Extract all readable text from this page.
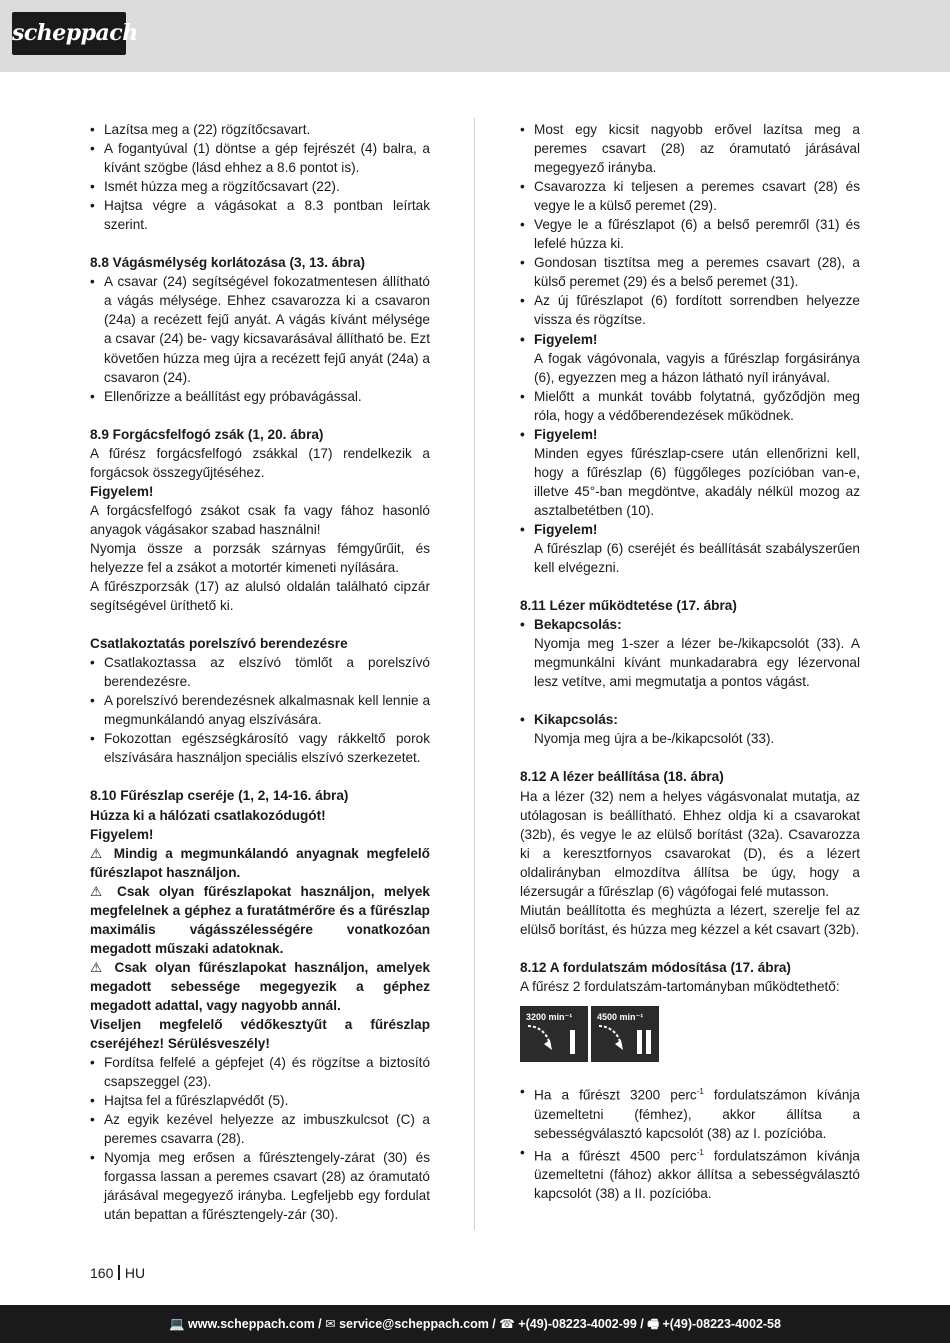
scheppach

• Lazítsa meg a (22) rögzítőcsavart.

• A fogantyúval (1) döntse a gép fejrészét (4) balra, a kívánt szögbe (lásd ehhez a 8.6 pontot is).

• Ismét húzza meg a rögzítőcsavart (22).

• Hajtsa végre a vágásokat a 8.3 pontban leírtak szerint.

8.8 Vágásmélység korlátozása (3, 13. ábra)

• A csavar (24) segítségével fokozatmentesen állítható a vágás mélysége. Ehhez csavarozza ki a csavaron (24a) a recézett fejű anyát. A vágás kívánt mélysége a csavar (24) be- vagy kicsavarásával állítható be. Ezt követően húzza meg újra a recézett fejű anyát (24a) a csavaron (24).

• Ellenőrizze a beállítást egy próbavágással.

8.9 Forgácsfelfogó zsák (1, 20. ábra)

A fűrész forgácsfelfogó zsákkal (17) rendelkezik a forgácsok összegyűjtéséhez.

Figyelem!

A forgácsfelfogó zsákot csak fa vagy fához hasonló anyagok vágásakor szabad használni!

Nyomja össze a porzsák szárnyas fémgyűrűit, és helyezze fel a zsákot a motortér kimeneti nyílására.

A fűrészporzsák (17) az alulsó oldalán található cipzár segítségével üríthető ki.

Csatlakoztatás porelszívó berendezésre

• Csatlakoztassa az elszívó tömlőt a porelszívó berendezésre.

• A porelszívó berendezésnek alkalmasnak kell lennie a megmunkálandó anyag elszívására.

• Fokozottan egészségkárosító vagy rákkeltő porok elszívására használjon speciális elszívó szerkezetet.

8.10 Fűrészlap cseréje (1, 2, 14-16. ábra)

Húzza ki a hálózati csatlakozódugót!

Figyelem!

⚠ Mindig a megmunkálandó anyagnak megfelelő fűrészlapot használjon.

⚠ Csak olyan fűrészlapokat használjon, melyek megfelelnek a géphez a furatátmérőre és a fűrészlap maximális vágásszélességére vonatkozóan megadott műszaki adatoknak.

⚠ Csak olyan fűrészlapokat használjon, amelyek megadott sebessége megegyezik a géphez megadott adattal, vagy nagyobb annál.

Viseljen megfelelő védőkesztyűt a fűrészlap cseréjéhez! Sérülésveszély!

• Fordítsa felfelé a gépfejet (4) és rögzítse a biztosító csapszeggel (23).

• Hajtsa fel a fűrészlapvédőt (5).

• Az egyik kezével helyezze az imbuszkulcsot (C) a peremes csavarra (28).

• Nyomja meg erősen a fűrésztengely-zárat (30) és forgassa lassan a peremes csavart (28) az óramutató járásával megegyező irányba. Legfeljebb egy fordulat után bepattan a fűrésztengely-zár (30).

• Most egy kicsit nagyobb erővel lazítsa meg a peremes csavart (28) az óramutató járásával megegyező irányba.

• Csavarozza ki teljesen a peremes csavart (28) és vegye le a külső peremet (29).

• Vegye le a fűrészlapot (6) a belső peremről (31) és lefelé húzza ki.

• Gondosan tisztítsa meg a peremes csavart (28), a külső peremet (29) és a belső peremet (31).

• Az új fűrészlapot (6) fordított sorrendben helyezze vissza és rögzítse.

• Figyelem!

A fogak vágóvonala, vagyis a fűrészlap forgásiránya (6), egyezzen meg a házon látható nyíl irányával.

• Mielőtt a munkát tovább folytatná, győződjön meg róla, hogy a védőberendezések működnek.

• Figyelem!

Minden egyes fűrészlap-csere után ellenőrizni kell, hogy a fűrészlap (6) függőleges pozícióban van-e, illetve 45°-ban megdöntve, akadály nélkül mozog az asztalbetétben (10).

• Figyelem!

A fűrészlap (6) cseréjét és beállítását szabályszerűen kell elvégezni.

8.11 Lézer működtetése (17. ábra)

• Bekapcsolás:

Nyomja meg 1-szer a lézer be-/kikapcsolót (33). A megmunkálni kívánt munkadarabra egy lézervonal lesz vetítve, ami megmutatja a pontos vágást.

• Kikapcsolás:

Nyomja meg újra a be-/kikapcsolót (33).

8.12 A lézer beállítása (18. ábra)

Ha a lézer (32) nem a helyes vágásvonalat mutatja, az utólagosan is beállítható. Ehhez oldja ki a csavarokat (32b), és vegye le az elülső borítást (32a). Csavarozza ki a keresztfornyos csavarokat (D), és a lézert oldalirányban elmozdítva állítsa be úgy, hogy a lézersugár a fűrészlap (6) vágófogai felé mutasson.

Miután beállította és meghúzta a lézert, szerelje fel az elülső borítást, és húzza meg kézzel a két csavart (32b).

8.12 A fordulatszám módosítása (17. ábra)

A fűrész 2 fordulatszám-tartományban működtethető:

3200 min⁻¹	4500 min⁻¹

• Ha a fűrészt 3200 perc$^{-1}$ fordulatszámon kívánja üzemeltetni (fémhez), akkor állítsa a sebességválasztó kapcsolót (38) az I. pozícióba.

• Ha a fűrészt 4500 perc$^{-1}$ fordulatszámon kívánja üzemeltetni (fához) akkor állítsa a sebességválasztó kapcsolót (38) a II. pozícióba.

160 HU
💻 www.scheppach.com / ✉ service@scheppach.com / ☎ +(49)-08223-4002-99 / 🖷 +(49)-08223-4002-58
